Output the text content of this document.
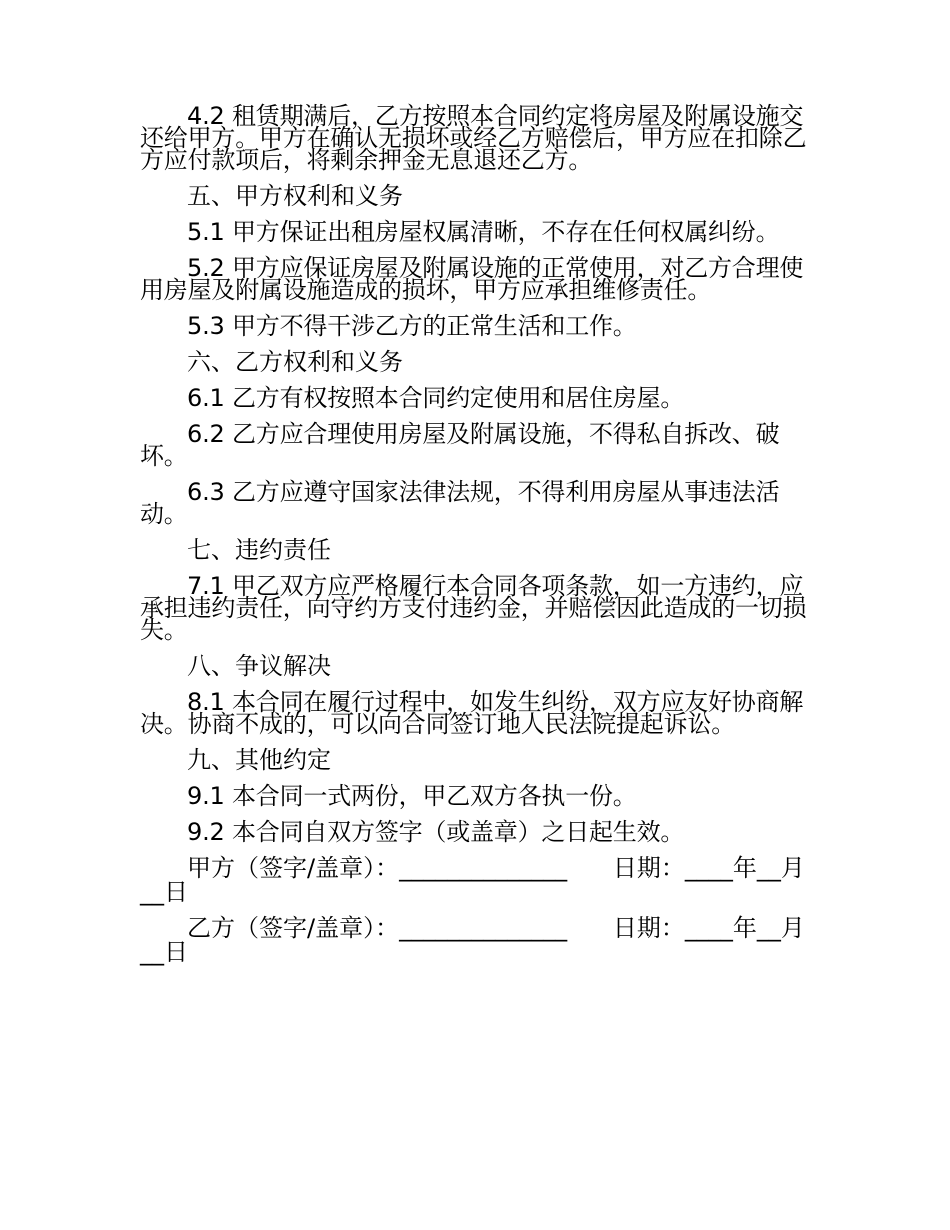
4.2 租赁期满后，乙方按照本合同约定将房屋及附属设施交还给甲方。甲方在确认无损坏或经乙方赔偿后，甲方应在扣除乙方应付款项后，将剩余押金无息退还乙方。

五、甲方权利和义务

5.1 甲方保证出租房屋权属清晰，不存在任何权属纠纷。

5.2 甲方应保证房屋及附属设施的正常使用，对乙方合理使用房屋及附属设施造成的损坏，甲方应承担维修责任。

5.3 甲方不得干涉乙方的正常生活和工作。

六、乙方权利和义务

6.1 乙方有权按照本合同约定使用和居住房屋。

6.2 乙方应合理使用房屋及附属设施，不得私自拆改、破坏。

6.3 乙方应遵守国家法律法规，不得利用房屋从事违法活动。

七、违约责任

7.1 甲乙双方应严格履行本合同各项条款，如一方违约，应承担违约责任，向守约方支付违约金，并赔偿因此造成的一切损失。

八、争议解决

8.1 本合同在履行过程中，如发生纠纷，双方应友好协商解决。协商不成的，可以向合同签订地人民法院提起诉讼。

九、其他约定

9.1 本合同一式两份，甲乙双方各执一份。

9.2 本合同自双方签字（或盖章）之日起生效。

甲方（签字/盖章）：______________      日期：____年__月__日

乙方（签字/盖章）：______________      日期：____年__月__日
